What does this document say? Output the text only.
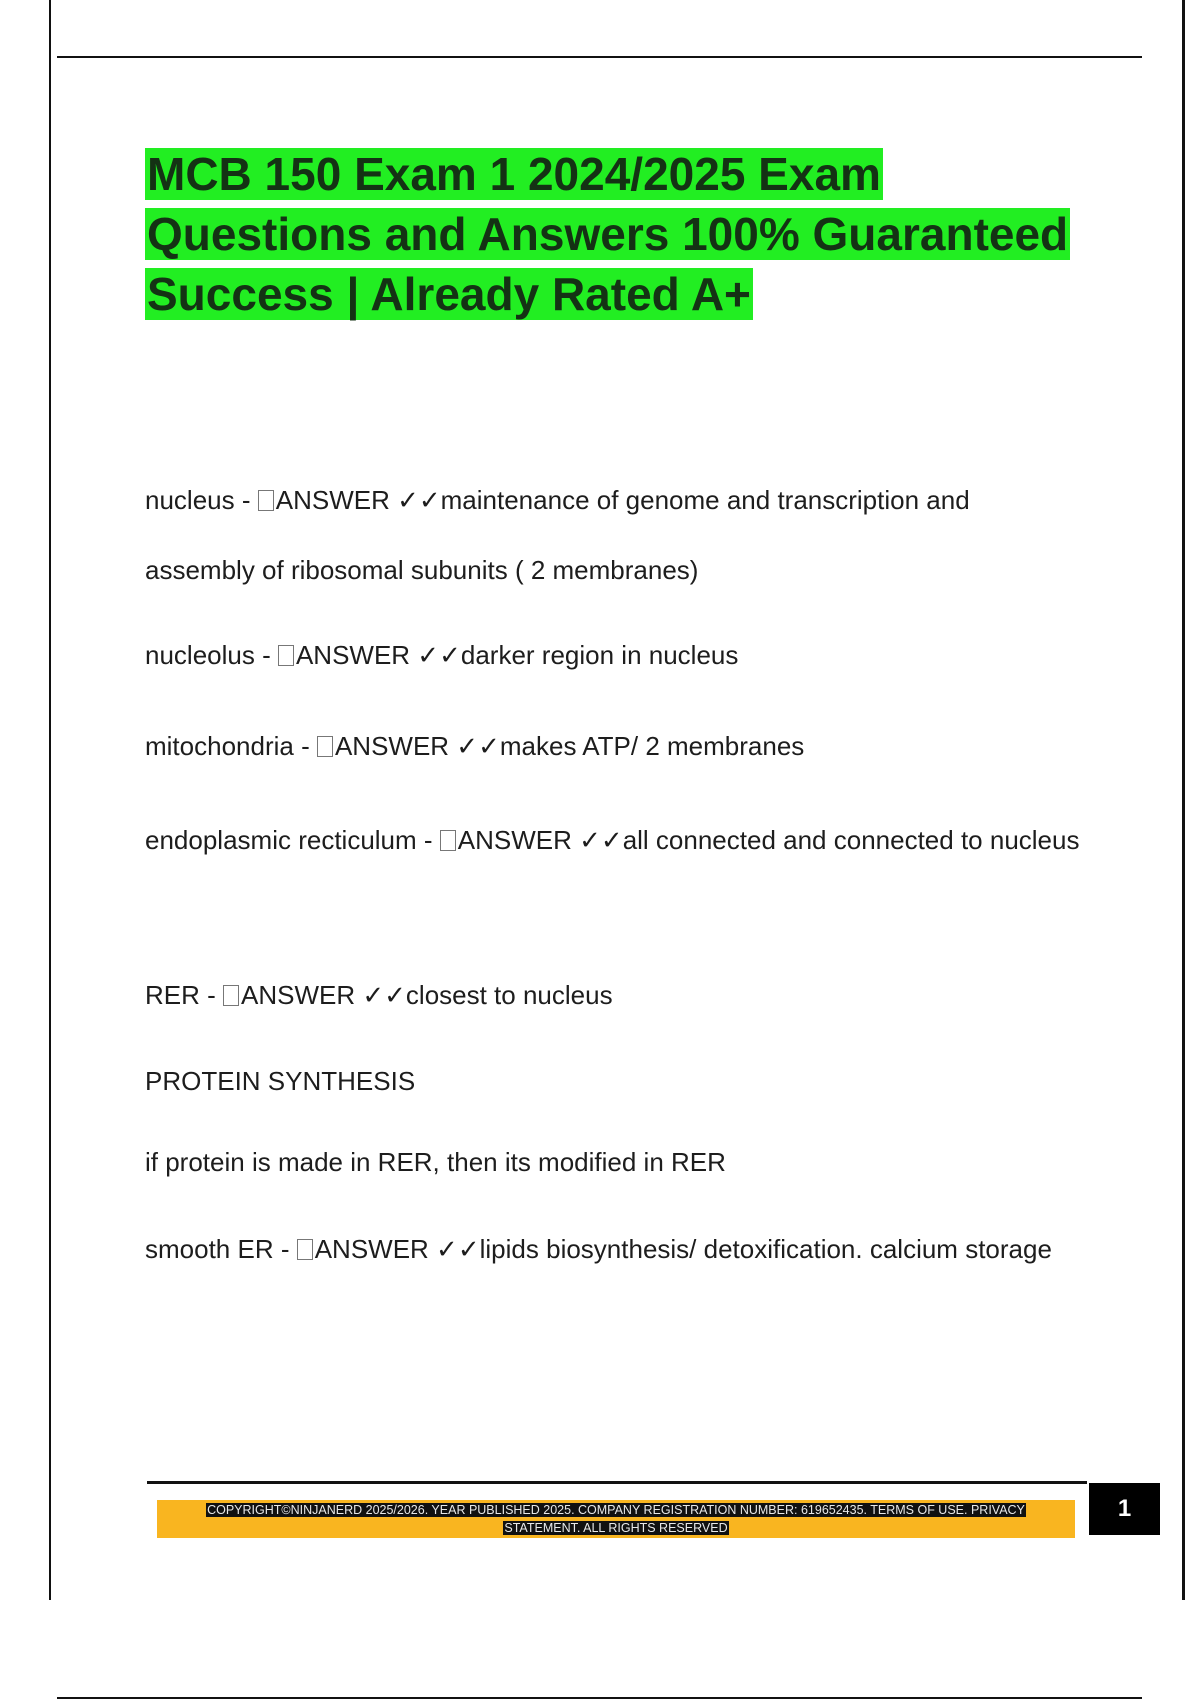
MCB 150 Exam 1 2024/2025 Exam Questions and Answers 100% Guaranteed Success | Already Rated A+

nucleus - ANSWER ✓✓maintenance of genome and transcription and assembly of ribosomal subunits ( 2 membranes)

nucleolus - ANSWER ✓✓darker region in nucleus

mitochondria - ANSWER ✓✓makes ATP/ 2 membranes

endoplasmic recticulum - ANSWER ✓✓all connected and connected to nucleus

RER - ANSWER ✓✓closest to nucleus

PROTEIN SYNTHESIS

if protein is made in RER, then its modified in RER

smooth ER - ANSWER ✓✓lipids biosynthesis/ detoxification. calcium storage

COPYRIGHT©NINJANERD 2025/2026. YEAR PUBLISHED 2025. COMPANY REGISTRATION NUMBER: 619652435. TERMS OF USE. PRIVACY STATEMENT. ALL RIGHTS RESERVED
1
